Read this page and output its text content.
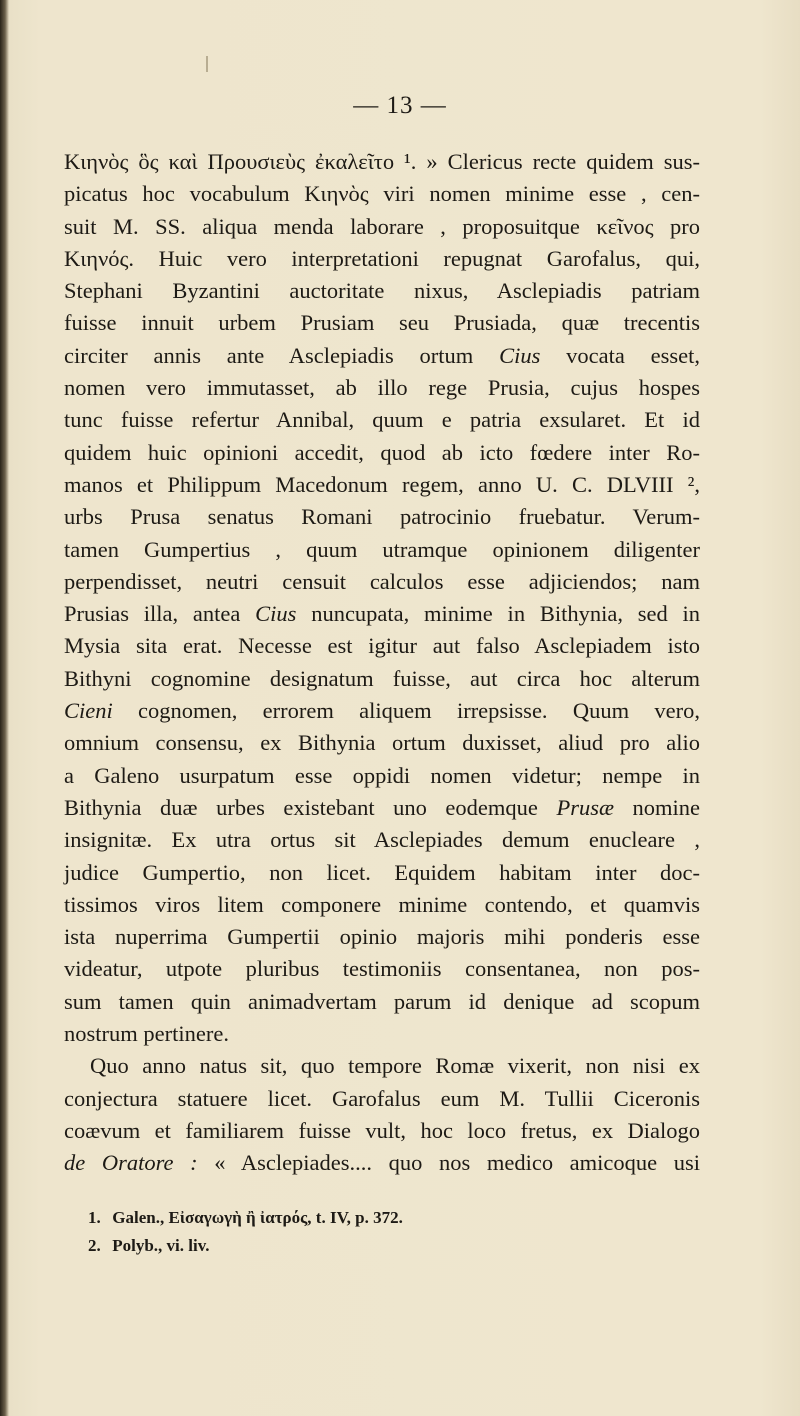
— 13 —
Κιηνὸς ὃς καὶ Προυσιεὺς ἐκαλεῖτο ¹. » Clericus recte quidem sus-
picatus hoc vocabulum Κιηνὸς viri nomen minime esse , cen-
suit M. SS. aliqua menda laborare , proposuitque κεῖνος pro
Κιηνός. Huic vero interpretationi repugnat Garofalus, qui,
Stephani Byzantini auctoritate nixus, Asclepiadis patriam
fuisse innuit urbem Prusiam seu Prusiada, quæ trecentis
circiter annis ante Asclepiadis ortum Cius vocata esset,
nomen vero immutasset, ab illo rege Prusia, cujus hospes
tunc fuisse refertur Annibal, quum e patria exsularet. Et id
quidem huic opinioni accedit, quod ab icto fœdere inter Ro-
manos et Philippum Macedonum regem, anno U. C. DLVIII ²,
urbs Prusa senatus Romani patrocinio fruebatur. Verum-
tamen Gumpertius , quum utramque opinionem diligenter
perpendisset, neutri censuit calculos esse adjiciendos; nam
Prusias illa, antea Cius nuncupata, minime in Bithynia, sed in
Mysia sita erat. Necesse est igitur aut falso Asclepiadem isto
Bithyni cognomine designatum fuisse, aut circa hoc alterum
Cieni cognomen, errorem aliquem irrepsisse. Quum vero,
omnium consensu, ex Bithynia ortum duxisset, aliud pro alio
a Galeno usurpatum esse oppidi nomen videtur; nempe in
Bithynia duæ urbes existebant uno eodemque Prusæ nomine
insignitæ. Ex utra ortus sit Asclepiades demum enucleare ,
judice Gumpertio, non licet. Equidem habitam inter doc-
tissimos viros litem componere minime contendo, et quamvis
ista nuperrima Gumpertii opinio majoris mihi ponderis esse
videatur, utpote pluribus testimoniis consentanea, non pos-
sum tamen quin animadvertam parum id denique ad scopum
nostrum pertinere.
Quo anno natus sit, quo tempore Romæ vixerit, non nisi ex
conjectura statuere licet. Garofalus eum M. Tullii Ciceronis
coævum et familiarem fuisse vult, hoc loco fretus, ex Dialogo
de Oratore : « Asclepiades.... quo nos medico amicoque usi
1. Galen., Εἰσαγωγὴ ἢ ἰατρός, t. IV, p. 372.
2. Polyb., vi. liv.
